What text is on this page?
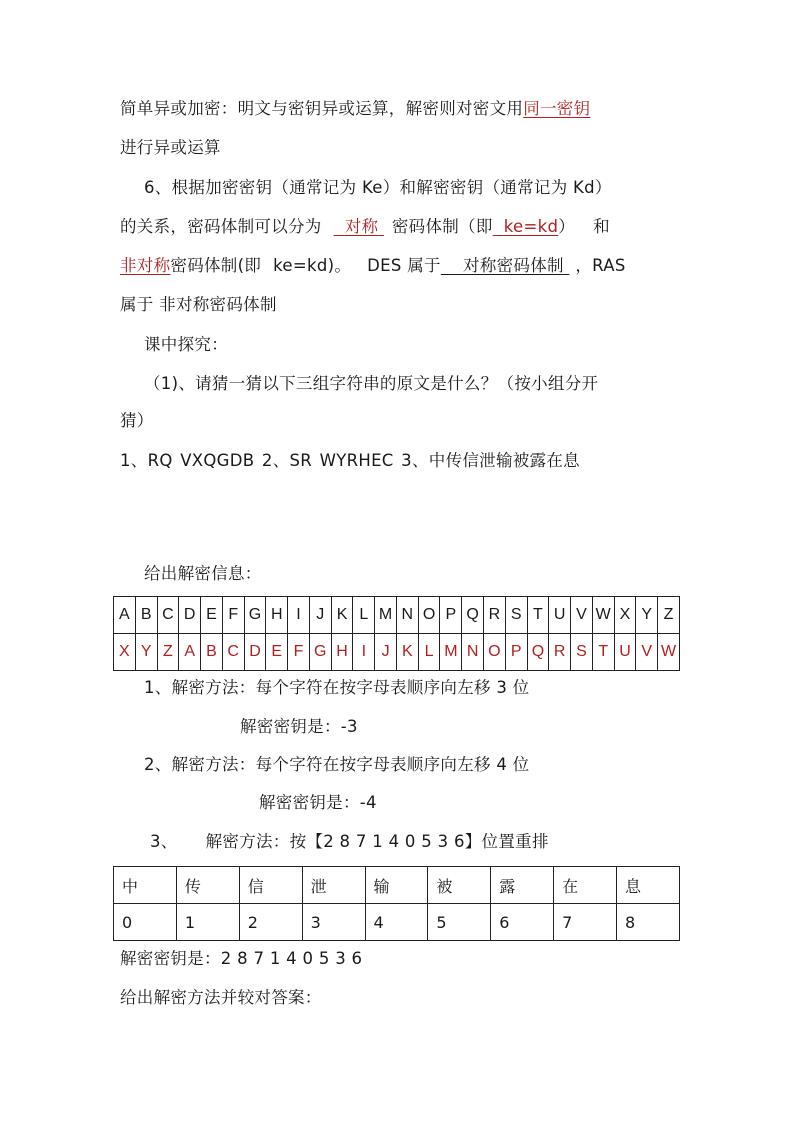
简单异或加密：明文与密钥异或运算，解密则对密文用同一密钥
进行异或运算
6、根据加密密钥（通常记为 Ke）和解密密钥（通常记为 Kd）
的关系，密码体制可以分为 对称 密码体制（即 ke=kd） 和
非对称密码体制(即 ke=kd)。 DES 属于 对称密码体制 ，RAS
属于 非对称密码体制
课中探究：
（1)、请猜一猜以下三组字符串的原文是什么？（按小组分开
猜）
1、RQ VXQGDB 2、SR WYRHEC 3、中传信泄输被露在息
给出解密信息：
A	B	C	D	E	F	G	H	I	J	K	L	M	N	O	P	Q	R	S	T	U	V	W	X	Y	Z
X	Y	Z	A	B	C	D	E	F	G	H	I	J	K	L	M	N	O	P	Q	R	S	T	U	V	W
1、解密方法：每个字符在按字母表顺序向左移 3 位
解密密钥是：-3
2、解密方法：每个字符在按字母表顺序向左移 4 位
解密密钥是：-4
3、 解密方法：按【2 8 7 1 4 0 5 3 6】位置重排
中	传	信	泄	输	被	露	在	息
0	1	2	3	4	5	6	7	8
解密密钥是：2 8 7 1 4 0 5 3 6
给出解密方法并较对答案：
